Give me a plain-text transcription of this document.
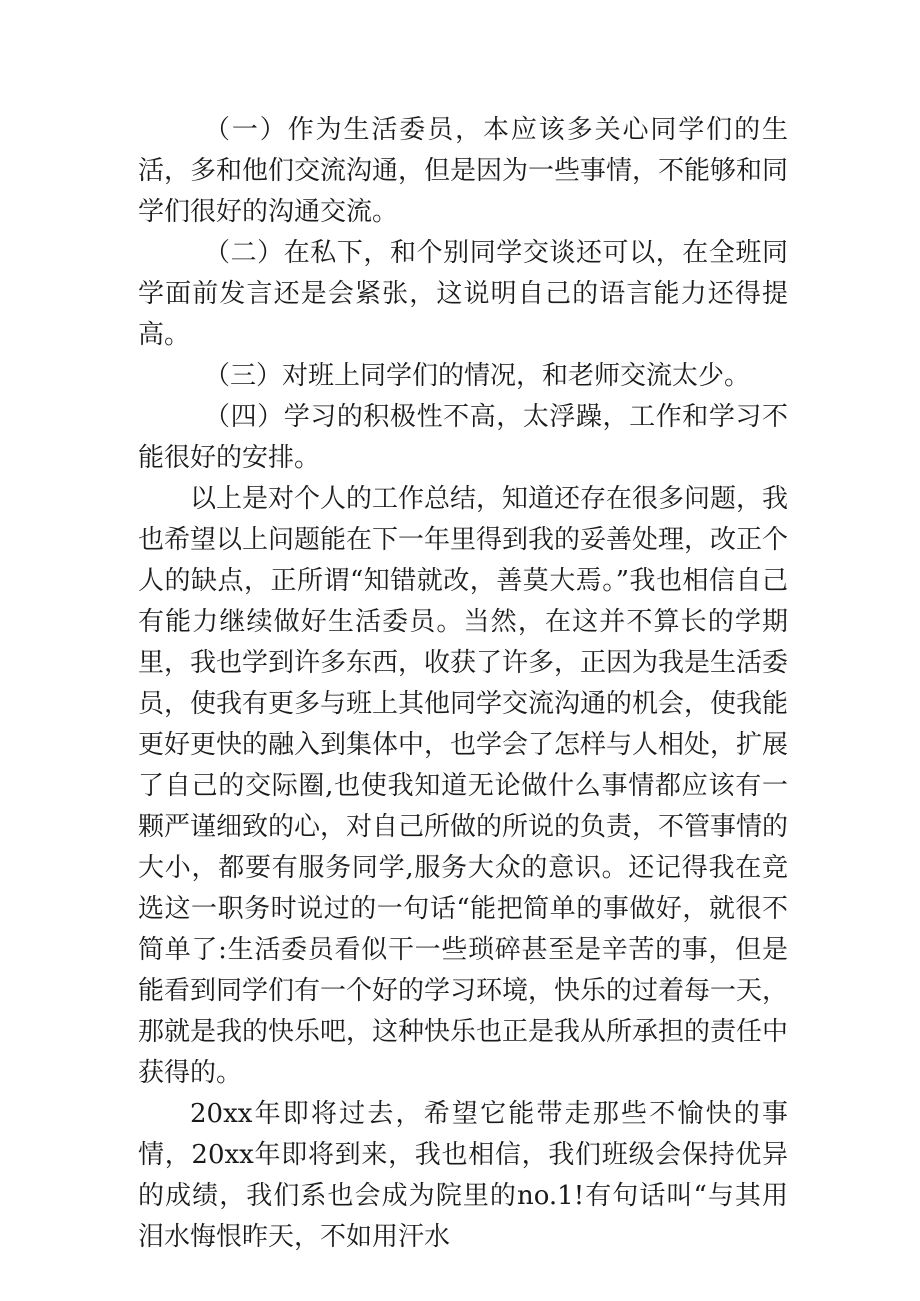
（一）作为生活委员，本应该多关心同学们的生活，多和他们交流沟通，但是因为一些事情，不能够和同学们很好的沟通交流。

（二）在私下，和个别同学交谈还可以，在全班同学面前发言还是会紧张，这说明自己的语言能力还得提高。

（三）对班上同学们的情况，和老师交流太少。

（四）学习的积极性不高，太浮躁，工作和学习不能很好的安排。

以上是对个人的工作总结，知道还存在很多问题，我也希望以上问题能在下一年里得到我的妥善处理，改正个人的缺点，正所谓“知错就改，善莫大焉。”我也相信自己有能力继续做好生活委员。当然，在这并不算长的学期里，我也学到许多东西，收获了许多，正因为我是生活委员，使我有更多与班上其他同学交流沟通的机会，使我能更好更快的融入到集体中，也学会了怎样与人相处，扩展了自己的交际圈,也使我知道无论做什么事情都应该有一颗严谨细致的心，对自己所做的所说的负责，不管事情的大小，都要有服务同学,服务大众的意识。还记得我在竞选这一职务时说过的一句话“能把简单的事做好，就很不简单了:生活委员看似干一些琐碎甚至是辛苦的事，但是能看到同学们有一个好的学习环境，快乐的过着每一天，那就是我的快乐吧，这种快乐也正是我从所承担的责任中获得的。

20xx年即将过去，希望它能带走那些不愉快的事情，20xx年即将到来，我也相信，我们班级会保持优异的成绩，我们系也会成为院里的no.1!有句话叫“与其用泪水悔恨昨天，不如用汗水
